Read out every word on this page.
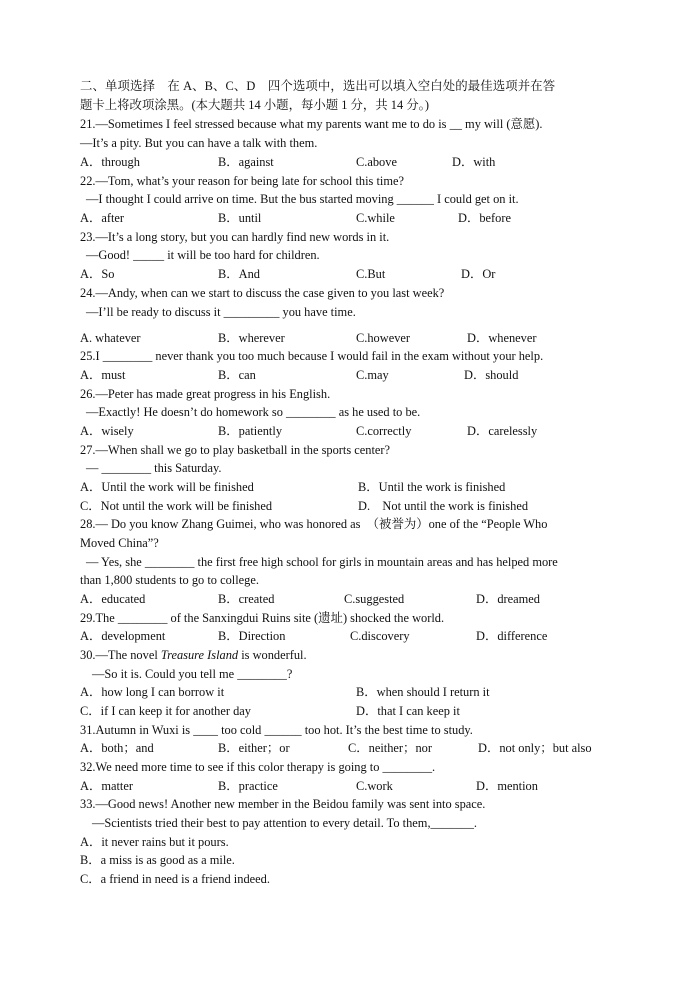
二、单项选择　在 A、B、C、D　四个选项中，选出可以填入空白处的最佳选项并在答
题卡上将改项涂黑。(本大题共 14 小题，每小题 1 分，共 14 分。)
21.—Sometimes I feel stressed because what my parents want me to do is __ my will (意愿).
—It’s a pity. But you can have a talk with them.
A．through	B．against	C.above	D．with
22.—Tom, what’s your reason for being late for school this time?
—I thought I could arrive on time. But the bus started moving ______ I could get on it.
A．after	B．until	C.while	D．before
23.—It’s a long story, but you can hardly find new words in it.
—Good! _____ it will be too hard for children.
A．So	B．And	C.But	D．Or
24.—Andy, when can we start to discuss the case given to you last week?
—I’ll be ready to discuss it _________ you have time.
A. whatever	B．wherever	C.however	D．whenever
25.I ________ never thank you too much because I would fail in the exam without your help.
A．must	B．can	C.may	D．should
26.—Peter has made great progress in his English.
—Exactly! He doesn’t do homework so ________ as he used to be.
A．wisely	B．patiently	C.correctly	D．carelessly
27.—When shall we go to play basketball in the sports center?
— ________ this Saturday.
A．Until the work will be finished	B．Until the work is finished
C．Not until the work will be finished	D.　Not until the work is finished
28.— Do you know Zhang Guimei, who was honored as　（被誉为）one of the “People Who
Moved China”?
— Yes, she ________ the first free high school for girls in mountain areas and has helped more
than 1,800 students to go to college.
A．educated	B．created	C.suggested	D．dreamed
29.The ________ of the Sanxingdui Ruins site (遗址) shocked the world.
A．development	B．Direction	C.discovery	D．difference
30.—The novel Treasure Island is wonderful.
—So it is. Could you tell me ________?
A．how long I can borrow it	B．when should I return it
C．if I can keep it for another day	D．that I can keep it
31.Autumn in Wuxi is ____ too cold ______ too hot. It’s the best time to study.
A．both；and	B．either；or	C．neither；nor	D．not only；but also
32.We need more time to see if this color therapy is going to ________.
A．matter	B．practice	C.work	D．mention
33.—Good news! Another new member in the Beidou family was sent into space.
—Scientists tried their best to pay attention to every detail. To them,_______.
A．it never rains but it pours.
B．a miss is as good as a mile.
C．a friend in need is a friend indeed.
